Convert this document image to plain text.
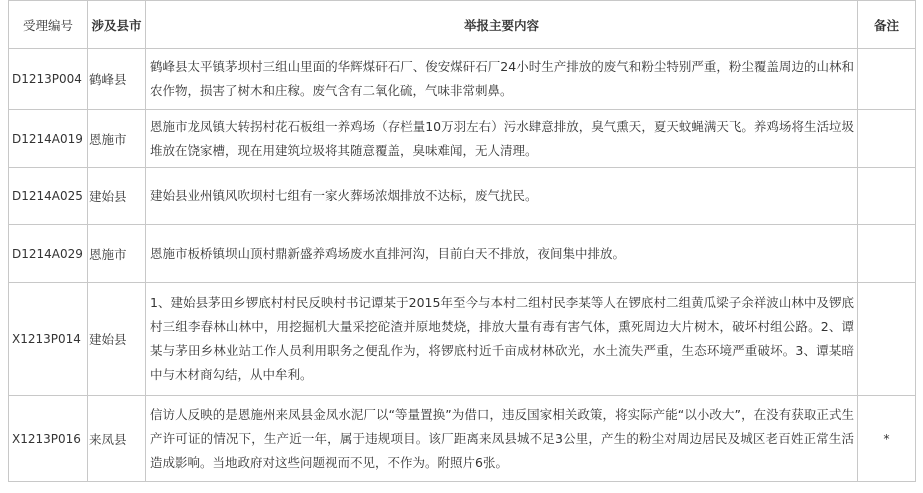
受理编号	涉及县市	举报主要内容	备注
D1213P004	鹤峰县	鹤峰县太平镇茅坝村三组山里面的华辉煤矸石厂、俊安煤矸石厂24小时生产排放的废气和粉尘特别严重，粉尘覆盖周边的山林和农作物，损害了树木和庄稼。废气含有二氧化硫，气味非常刺鼻。	
D1214A019	恩施市	恩施市龙凤镇大转拐村花石板组一养鸡场（存栏量10万羽左右）污水肆意排放，臭气熏天，夏天蚊蝇满天飞。养鸡场将生活垃圾堆放在饶家槽，现在用建筑垃圾将其随意覆盖，臭味难闻，无人清理。	
D1214A025	建始县	建始县业州镇风吹坝村七组有一家火葬场浓烟排放不达标，废气扰民。	
D1214A029	恩施市	恩施市板桥镇坝山顶村鼎新盛养鸡场废水直排河沟，目前白天不排放，夜间集中排放。	
X1213P014	建始县	1、建始县茅田乡锣底村村民反映村书记谭某于2015年至今与本村二组村民李某等人在锣底村二组黄瓜梁子余祥波山林中及锣底村三组李春林山林中，用挖掘机大量采挖砣渣并原地焚烧，排放大量有毒有害气体，熏死周边大片树木，破坏村组公路。2、谭某与茅田乡林业站工作人员利用职务之便乱作为，将锣底村近千亩成材林砍光，水土流失严重，生态环境严重破坏。3、谭某暗中与木材商勾结，从中牟利。	
X1213P016	来凤县	信访人反映的是恩施州来凤县金凤水泥厂以“等量置换”为借口，违反国家相关政策，将实际产能“以小改大”，在没有获取正式生产许可证的情况下，生产近一年，属于违规项目。该厂距离来凤县城不足3公里，产生的粉尘对周边居民及城区老百姓正常生活造成影响。当地政府对这些问题视而不见，不作为。附照片6张。	*
